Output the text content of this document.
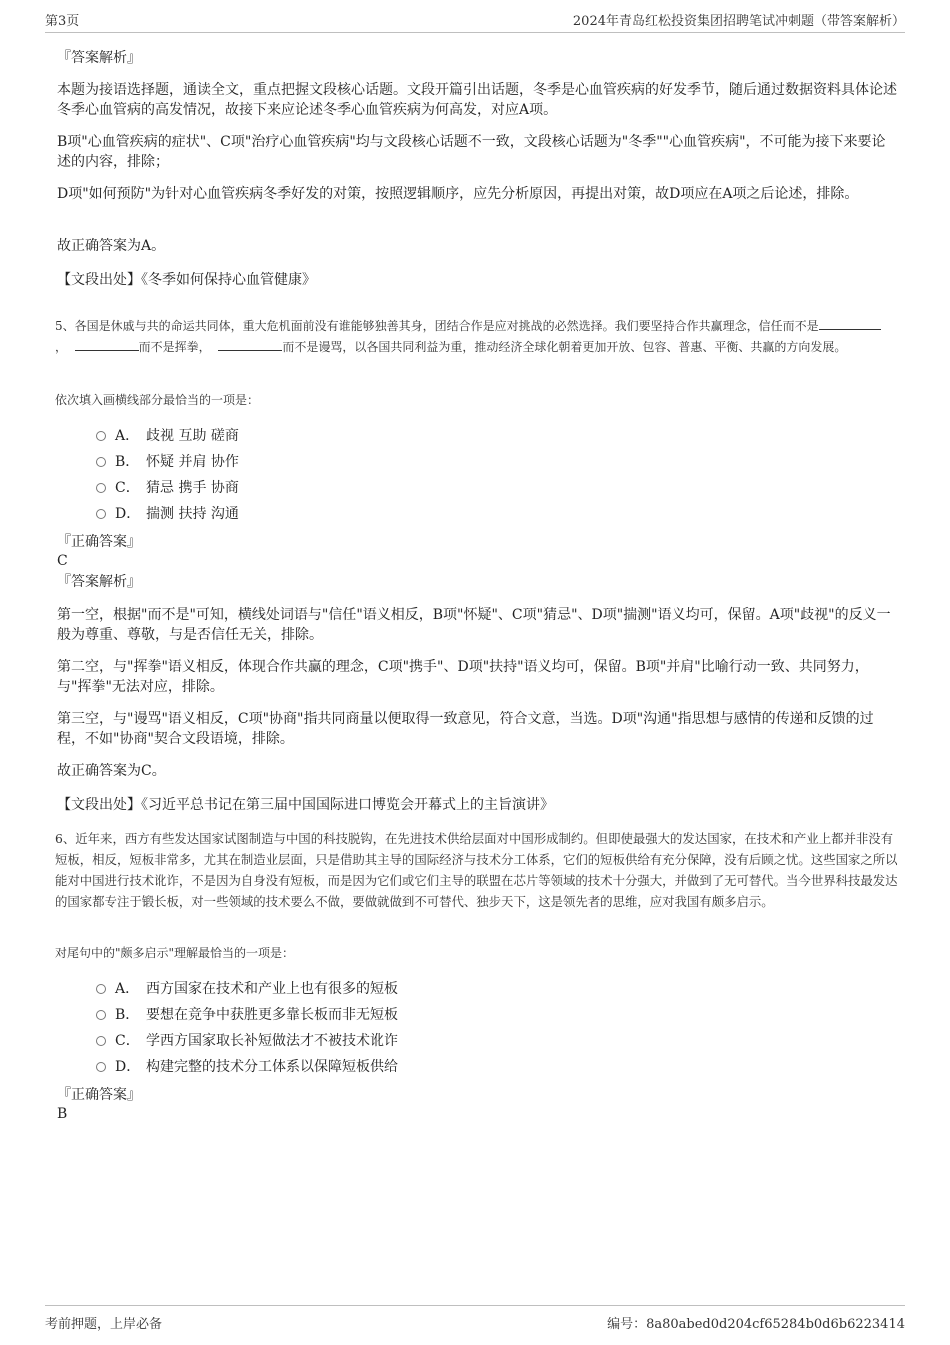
第3页	2024年青岛红松投资集团招聘笔试冲刺题（带答案解析）
『答案解析』

本题为接语选择题，通读全文，重点把握文段核心话题。文段开篇引出话题，冬季是心血管疾病的好发季节，随后通过数据资料具体论述冬季心血管病的高发情况，故接下来应论述冬季心血管疾病为何高发，对应A项。

B项"心血管疾病的症状"、C项"治疗心血管疾病"均与文段核心话题不一致，文段核心话题为"冬季""心血管疾病"，不可能为接下来要论述的内容，排除；

D项"如何预防"为针对心血管疾病冬季好发的对策，按照逻辑顺序，应先分析原因，再提出对策，故D项应在A项之后论述，排除。

故正确答案为A。

【文段出处】《冬季如何保持心血管健康》

5、各国是休戚与共的命运共同体，重大危机面前没有谁能够独善其身，团结合作是应对挑战的必然选择。我们要坚持合作共赢理念，信任而不是，	而不是挥拳，	而不是谩骂，以各国共同利益为重，推动经济全球化朝着更加开放、包容、普惠、平衡、共赢的方向发展。

依次填入画横线部分最恰当的一项是：

A． 歧视 互助 磋商
B． 怀疑 并肩 协作
C． 猜忌 携手 协商
D． 揣测 扶持 沟通
『正确答案』
C
『答案解析』

第一空，根据"而不是"可知，横线处词语与"信任"语义相反，B项"怀疑"、C项"猜忌"、D项"揣测"语义均可，保留。A项"歧视"的反义一般为尊重、尊敬，与是否信任无关，排除。

第二空，与"挥拳"语义相反，体现合作共赢的理念，C项"携手"、D项"扶持"语义均可，保留。B项"并肩"比喻行动一致、共同努力，与"挥拳"无法对应，排除。

第三空，与"谩骂"语义相反，C项"协商"指共同商量以便取得一致意见，符合文意，当选。D项"沟通"指思想与感情的传递和反馈的过程，不如"协商"契合文段语境，排除。

故正确答案为C。

【文段出处】《习近平总书记在第三届中国国际进口博览会开幕式上的主旨演讲》

6、近年来，西方有些发达国家试图制造与中国的科技脱钩，在先进技术供给层面对中国形成制约。但即使最强大的发达国家，在技术和产业上都并非没有短板，相反，短板非常多，尤其在制造业层面，只是借助其主导的国际经济与技术分工体系，它们的短板供给有充分保障，没有后顾之忧。这些国家之所以能对中国进行技术讹诈，不是因为自身没有短板，而是因为它们或它们主导的联盟在芯片等领域的技术十分强大，并做到了无可替代。当今世界科技最发达的国家都专注于锻长板，对一些领域的技术要么不做，要做就做到不可替代、独步天下，这是领先者的思维，应对我国有颇多启示。

对尾句中的"颇多启示"理解最恰当的一项是：

A． 西方国家在技术和产业上也有很多的短板
B． 要想在竞争中获胜更多靠长板而非无短板
C． 学西方国家取长补短做法才不被技术讹诈
D． 构建完整的技术分工体系以保障短板供给
『正确答案』
B
考前押题，上岸必备	编号：8a80abed0d204cf65284b0d6b6223414
